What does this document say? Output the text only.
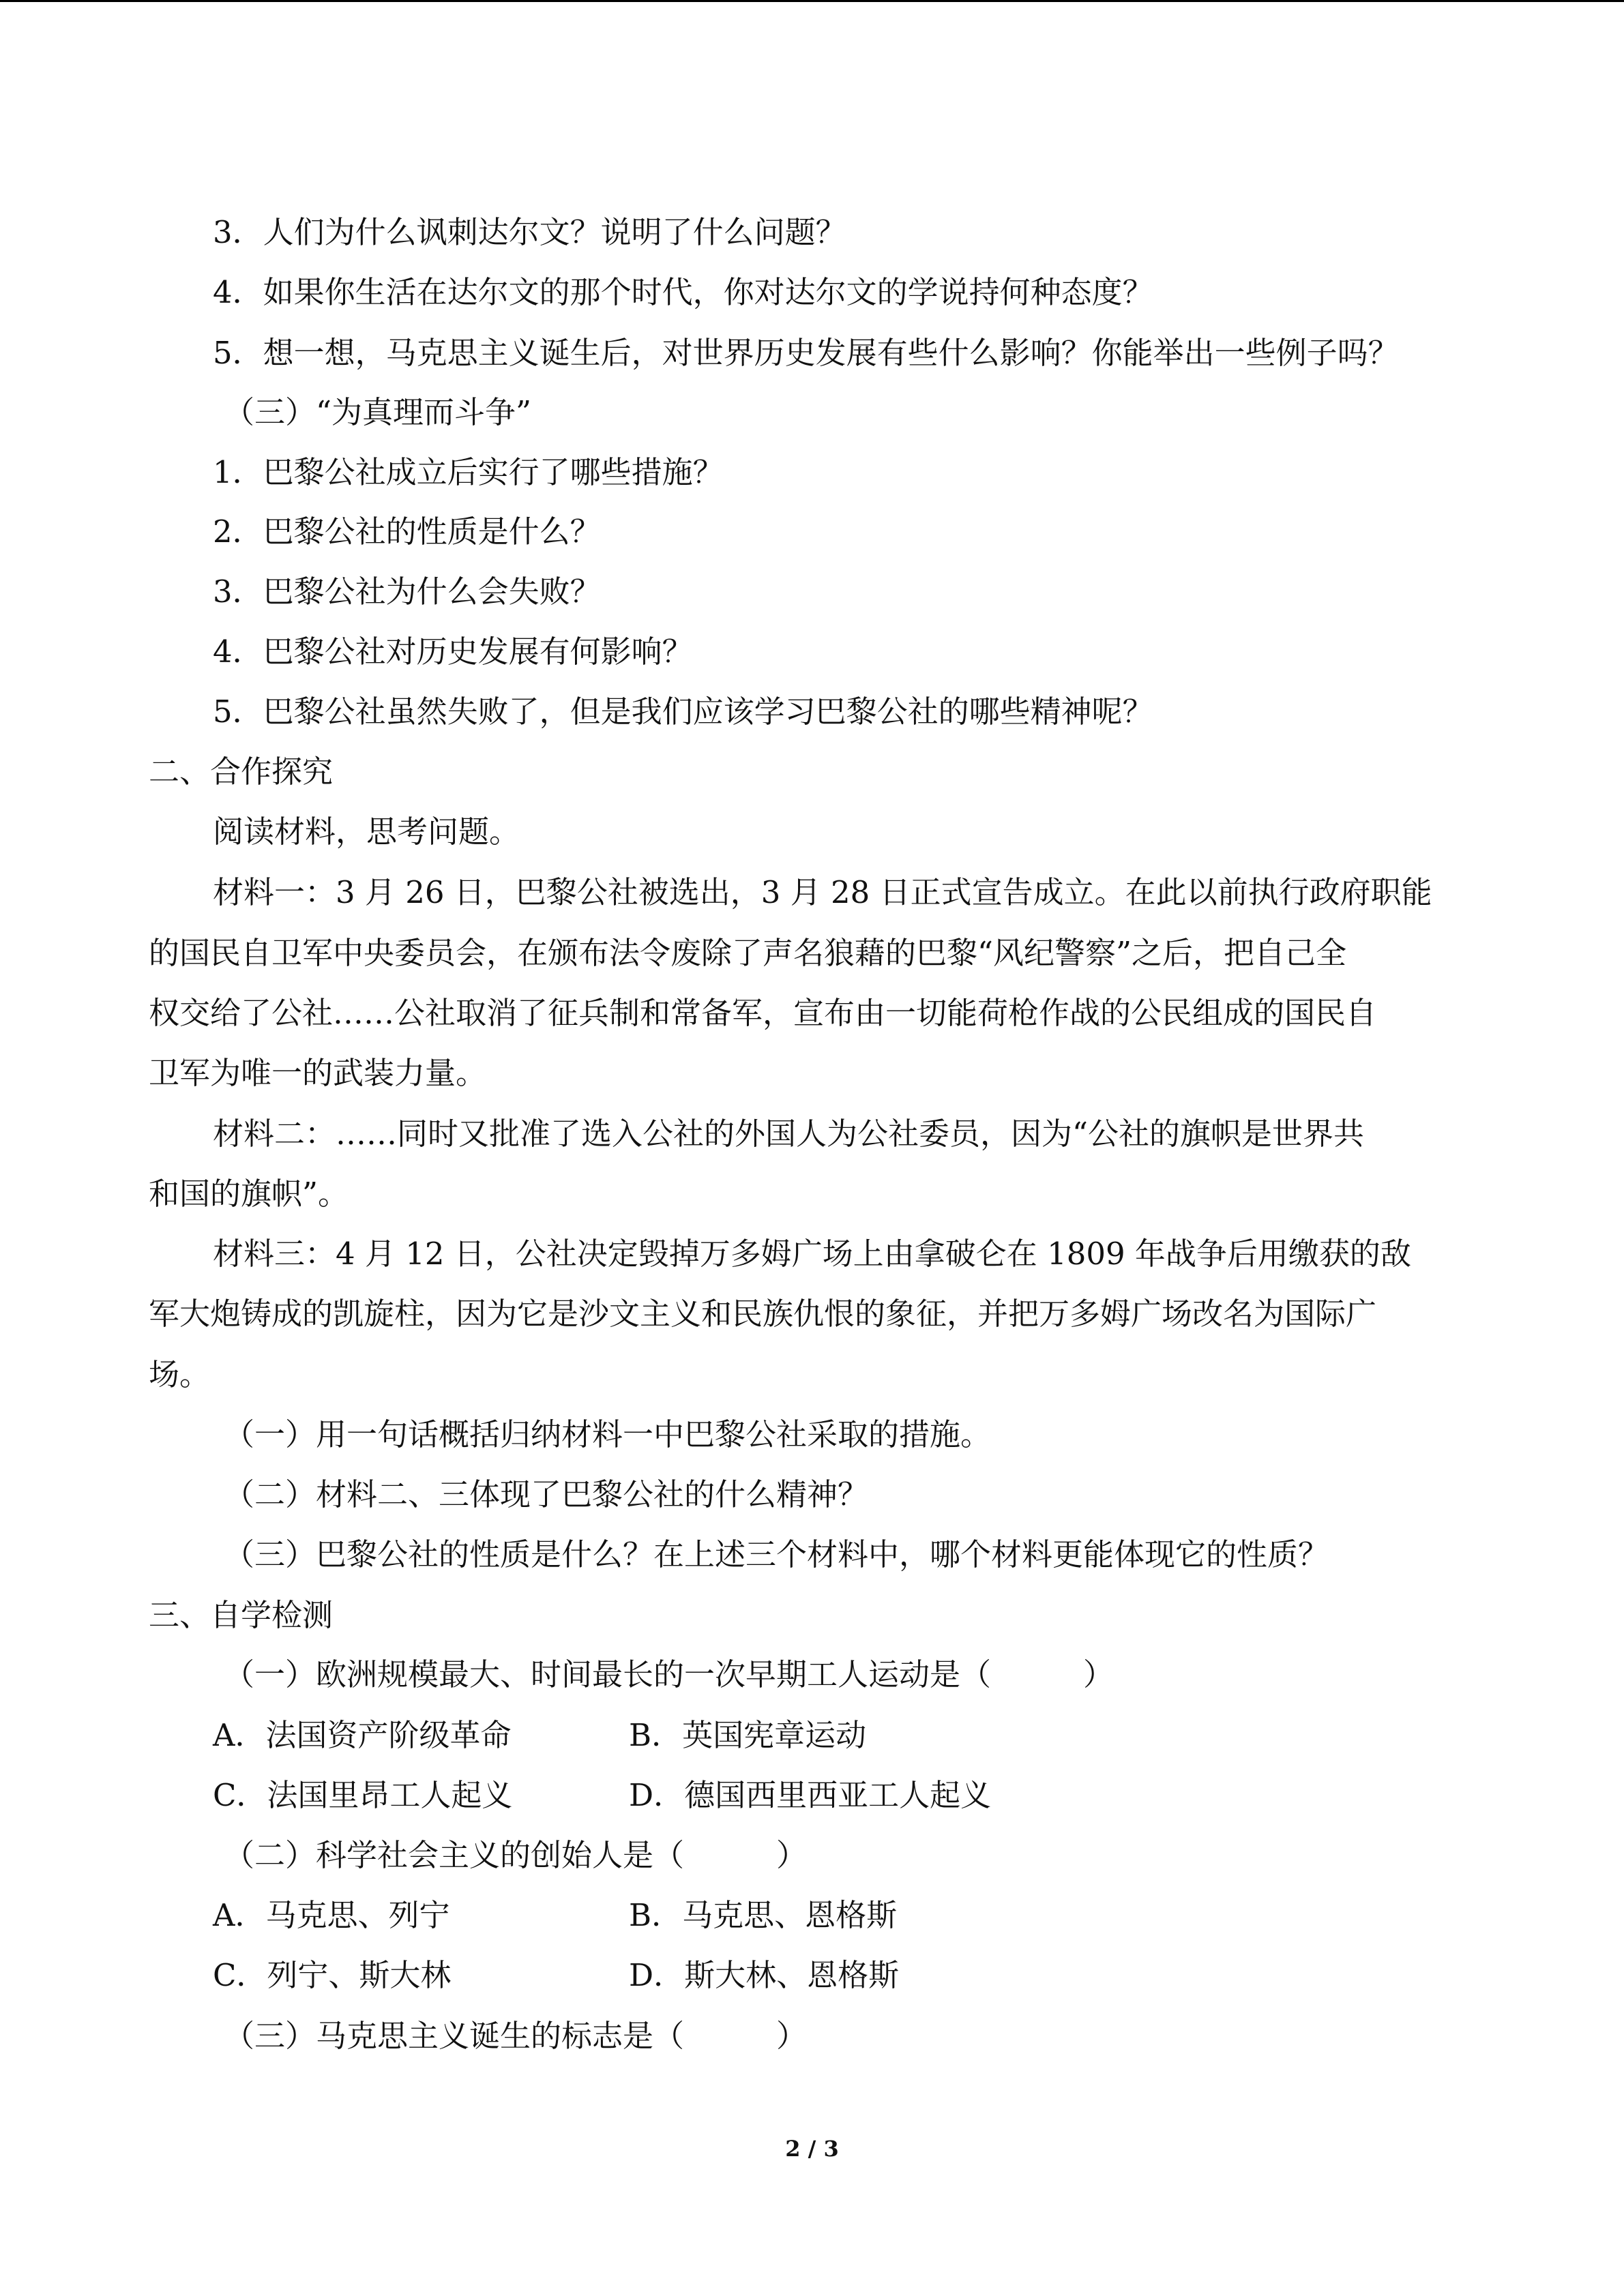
3．人们为什么讽刺达尔文？说明了什么问题？
4．如果你生活在达尔文的那个时代，你对达尔文的学说持何种态度？
5．想一想，马克思主义诞生后，对世界历史发展有些什么影响？你能举出一些例子吗？
（三）“为真理而斗争”
1．巴黎公社成立后实行了哪些措施？
2．巴黎公社的性质是什么？
3．巴黎公社为什么会失败？
4．巴黎公社对历史发展有何影响？
5．巴黎公社虽然失败了，但是我们应该学习巴黎公社的哪些精神呢？
二、合作探究
阅读材料，思考问题。
材料一：3 月 26 日，巴黎公社被选出，3 月 28 日正式宣告成立。在此以前执行政府职能
的国民自卫军中央委员会，在颁布法令废除了声名狼藉的巴黎“风纪警察”之后，把自己全
权交给了公社……公社取消了征兵制和常备军，宣布由一切能荷枪作战的公民组成的国民自
卫军为唯一的武装力量。
材料二：……同时又批准了选入公社的外国人为公社委员，因为“公社的旗帜是世界共
和国的旗帜”。
材料三：4 月 12 日，公社决定毁掉万多姆广场上由拿破仑在 1809 年战争后用缴获的敌
军大炮铸成的凯旋柱，因为它是沙文主义和民族仇恨的象征，并把万多姆广场改名为国际广
场。
（一）用一句话概括归纳材料一中巴黎公社采取的措施。
（二）材料二、三体现了巴黎公社的什么精神？
（三）巴黎公社的性质是什么？在上述三个材料中，哪个材料更能体现它的性质？
三、自学检测
（一）欧洲规模最大、时间最长的一次早期工人运动是（　　　）
A．法国资产阶级革命	B．英国宪章运动
C．法国里昂工人起义	D．德国西里西亚工人起义
（二）科学社会主义的创始人是（　　　）
A．马克思、列宁	B．马克思、恩格斯
C．列宁、斯大林	D．斯大林、恩格斯
（三）马克思主义诞生的标志是（　　　）
2 / 3
